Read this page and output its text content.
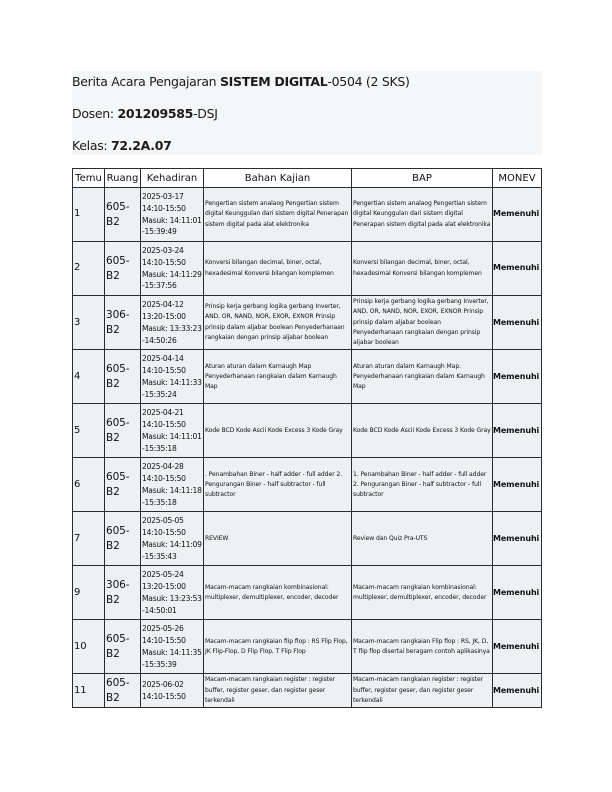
Berita Acara Pengajaran SISTEM DIGITAL-0504 (2 SKS)
Dosen: 201209585-DSJ
Kelas: 72.2A.07
Temu	Ruang	Kehadiran	Bahan Kajian	BAP	MONEV
1	605-B2	2025-03-17
14:10-15:50
Masuk: 14:11:01
-15:39:49	Pengertian sistem analaog Pengertian sistem digital Keunggulan dari sistem digital Penerapan sistem digital pada alat elektronika	Pengertian sistem analaog Pengertian sistem digital Keunggulan dari sistem digital Penerapan sistem digital pada alat elektronika	Memenuhi
2	605-B2	2025-03-24
14:10-15:50
Masuk: 14:11:29
-15:37:56	Konversi bilangan decimal, biner, octal, hexadesimal Konversi bilangan komplemen	Konversi bilangan decimal, biner, octal, hexadesimal Konversi bilangan komplemen	Memenuhi
3	306-B2	2025-04-12
13:20-15:00
Masuk: 13:33:23
-14:50:26	Prinsip kerja gerbang logika gerbang Inverter, AND, OR, NAND, NOR, EXOR, EXNOR Prinsip prinsip dalam aljabar boolean Penyederhanaan rangkaian dengan prinsip aljabar boolean	Prinsip kerja gerbang logika gerbang Inverter, AND, OR, NAND, NOR, EXOR, EXNOR Prinsip prinsip dalam aljabar boolean Penyederhanaan rangkaian dengan prinsip aljabar boolean	Memenuhi
4	605-B2	2025-04-14
14:10-15:50
Masuk: 14:11:33
-15:35:24	Aturan aturan dalam Karnaugh Map Penyederhanaan rangkaian dalam Karnaugh Map	Aturan aturan dalam Karnaugh Map. Penyederhanaan rangkaian dalam Karnaugh Map	Memenuhi
5	605-B2	2025-04-21
14:10-15:50
Masuk: 14:11:01
-15:35:18	Kode BCD Kode Ascii Kode Excess 3 Kode Gray	Kode BCD Kode Ascii Kode Excess 3 Kode Gray	Memenuhi
6	605-B2	2025-04-28
14:10-15:50
Masuk: 14:11:18
-15:35:18	. Penambahan Biner - half adder - full adder 2. Pengurangan Biner - half subtractor - full subtractor	1. Penambahan Biner - half adder - full adder 2. Pengurangan Biner - half subtractor - full subtractor	Memenuhi
7	605-B2	2025-05-05
14:10-15:50
Masuk: 14:11:09
-15:35:43	REVIEW	Review dan Quiz Pra-UTS	Memenuhi
9	306-B2	2025-05-24
13:20-15:00
Masuk: 13:23:53
-14:50:01	Macam-macam rangkaian kombinasional: multiplexer, demultiplexer, encoder, decoder	Macam-macam rangkaian kombinasional: multiplexer, demultiplexer, encoder, decoder	Memenuhi
10	605-B2	2025-05-26
14:10-15:50
Masuk: 14:11:35
-15:35:39	Macam-macam rangkaian flip flop : RS Flip Flop, JK Flip-Flop, D Flip Flop, T Flip Flop	Macam-macam rangkaian Flip flop : RS, JK, D, T flip flop disertai beragam contoh aplikasinya	Memenuhi
11	605-B2	2025-06-02
14:10-15:50	Macam-macam rangkaian register : register buffer, register geser, dan register geser terkendali	Macam-macam rangkaian register : register buffer, register geser, dan register geser terkendali	Memenuhi
